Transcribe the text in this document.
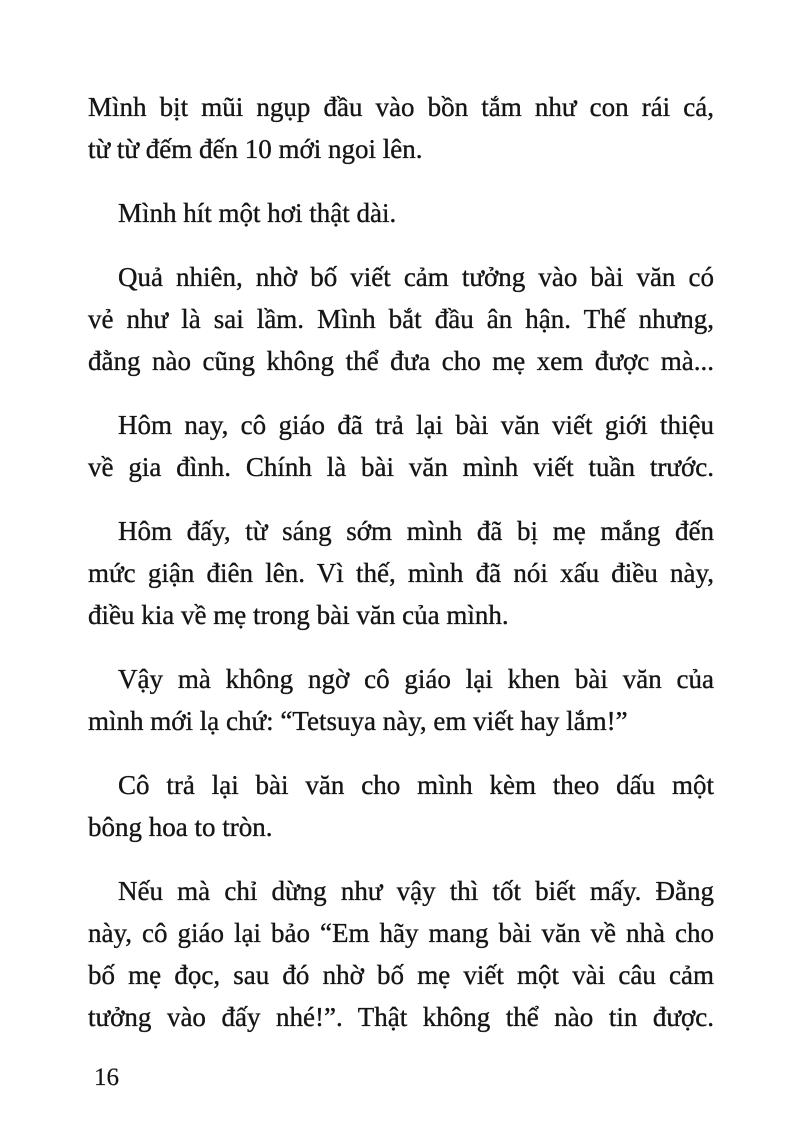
Mình bịt mũi ngụp đầu vào bồn tắm như con rái cá,
từ từ đếm đến 10 mới ngoi lên.
Mình hít một hơi thật dài.
Quả nhiên, nhờ bố viết cảm tưởng vào bài văn có
vẻ như là sai lầm. Mình bắt đầu ân hận. Thế nhưng,
đằng nào cũng không thể đưa cho mẹ xem được mà...
Hôm nay, cô giáo đã trả lại bài văn viết giới thiệu
về gia đình. Chính là bài văn mình viết tuần trước.
Hôm đấy, từ sáng sớm mình đã bị mẹ mắng đến
mức giận điên lên. Vì thế, mình đã nói xấu điều này,
điều kia về mẹ trong bài văn của mình.
Vậy mà không ngờ cô giáo lại khen bài văn của
mình mới lạ chứ: “Tetsuya này, em viết hay lắm!”
Cô trả lại bài văn cho mình kèm theo dấu một
bông hoa to tròn.
Nếu mà chỉ dừng như vậy thì tốt biết mấy. Đằng
này, cô giáo lại bảo “Em hãy mang bài văn về nhà cho
bố mẹ đọc, sau đó nhờ bố mẹ viết một vài câu cảm
tưởng vào đấy nhé!”. Thật không thể nào tin được.
16
